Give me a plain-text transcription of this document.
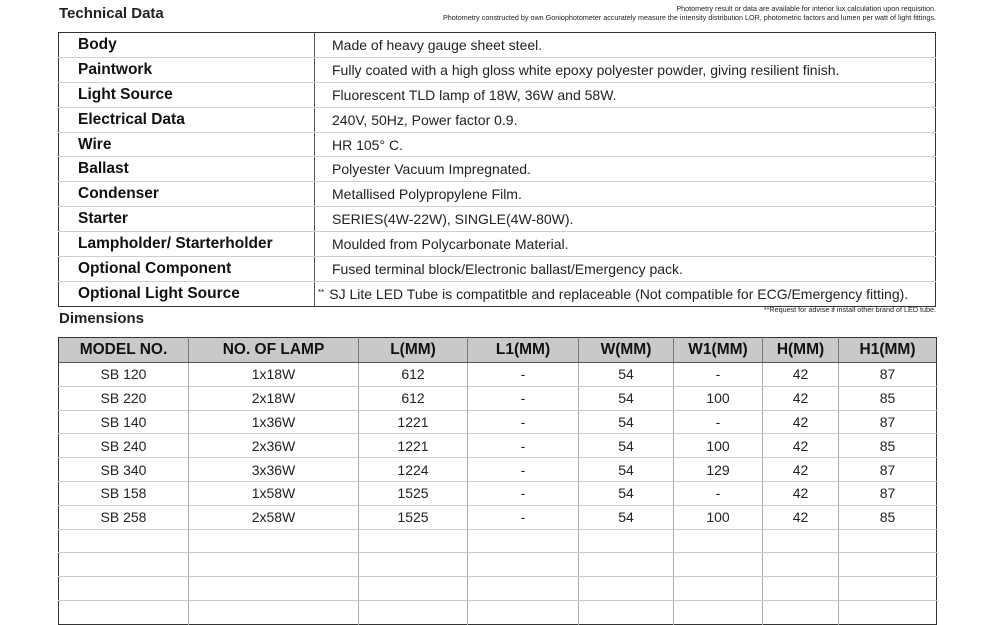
Technical Data	Photometry result or data are available for interior lux calculation upon requisition.
Photometry constructed by own Goniophotometer accurately measure the intensity distribution LOR, photometric factors and lumen per watt of light fittings.
Body	Made of heavy gauge sheet steel.
Paintwork	Fully coated with a high gloss white epoxy polyester powder, giving resilient finish.
Light Source	Fluorescent TLD lamp of 18W, 36W and 58W.
Electrical Data	240V, 50Hz, Power factor 0.9.
Wire	HR 105° C.
Ballast	Polyester Vacuum Impregnated.
Condenser	Metallised Polypropylene Film.
Starter	SERIES(4W-22W), SINGLE(4W-80W).
Lampholder/ Starterholder	Moulded from Polycarbonate Material.
Optional Component	Fused terminal block/Electronic ballast/Emergency pack.
Optional Light Source	** SJ Lite LED Tube is compatitble and replaceable (Not compatible for ECG/Emergency fitting).
Dimensions
**Request for advise if install other brand of LED tube.
MODEL NO.	NO. OF LAMP	L(MM)	L1(MM)	W(MM)	W1(MM)	H(MM)	H1(MM)
SB 120	1x18W	612	-	54	-	42	87
SB 220	2x18W	612	-	54	100	42	85
SB 140	1x36W	1221	-	54	-	42	87
SB 240	2x36W	1221	-	54	100	42	85
SB 340	3x36W	1224	-	54	129	42	87
SB 158	1x58W	1525	-	54	-	42	87
SB 258	2x58W	1525	-	54	100	42	85
